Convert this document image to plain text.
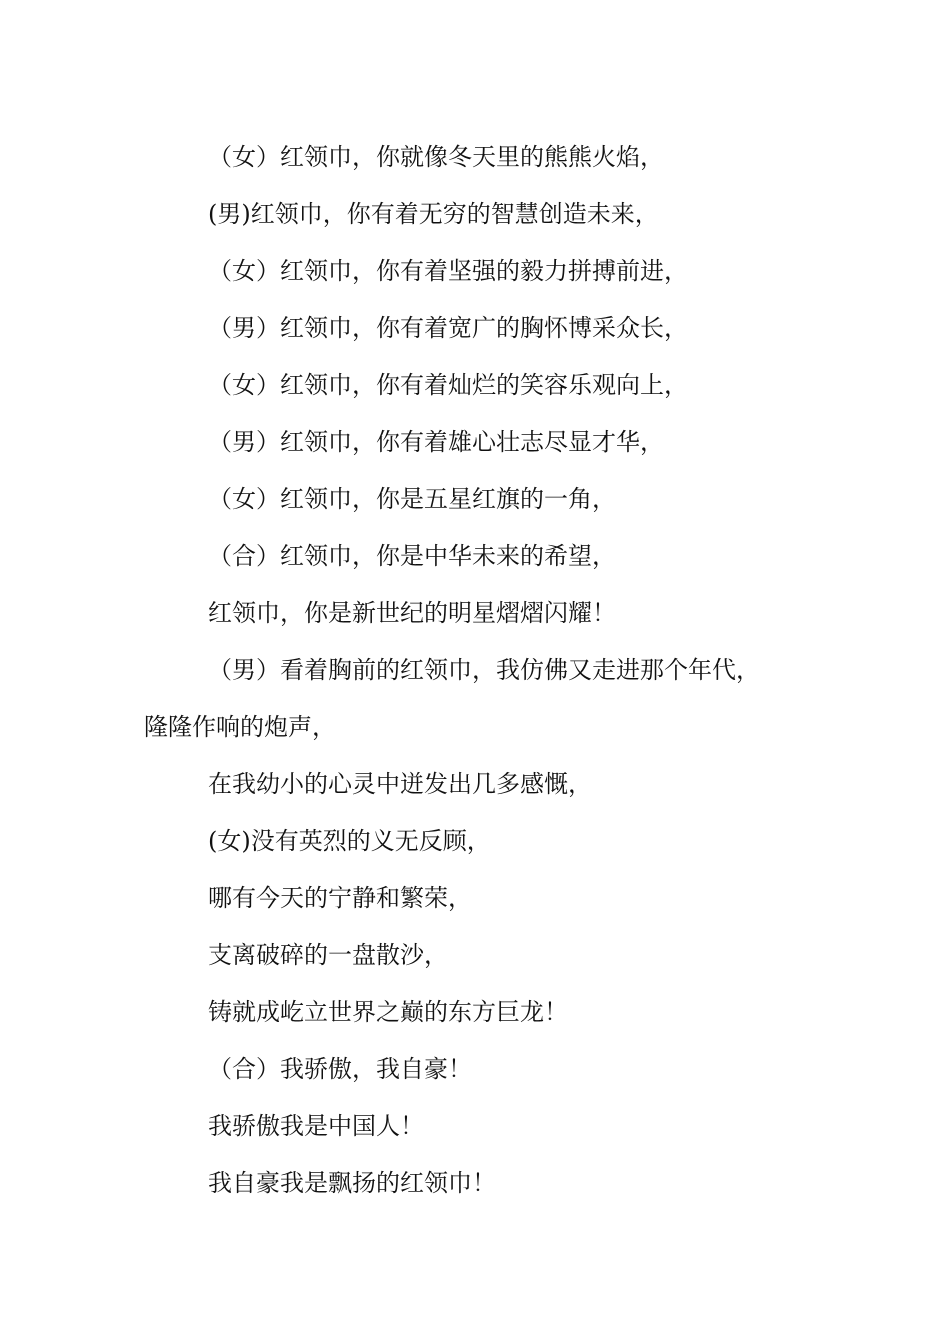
（女）红领巾，你就像冬天里的熊熊火焰，
(男)红领巾，你有着无穷的智慧创造未来，
（女）红领巾，你有着坚强的毅力拼搏前进，
（男）红领巾，你有着宽广的胸怀博采众长，
（女）红领巾，你有着灿烂的笑容乐观向上，
（男）红领巾，你有着雄心壮志尽显才华，
（女）红领巾，你是五星红旗的一角，
（合）红领巾，你是中华未来的希望，
红领巾，你是新世纪的明星熠熠闪耀！
（男）看着胸前的红领巾，我仿佛又走进那个年代，
隆隆作响的炮声，
在我幼小的心灵中迸发出几多感慨，
(女)没有英烈的义无反顾，
哪有今天的宁静和繁荣，
支离破碎的一盘散沙，
铸就成屹立世界之巅的东方巨龙！
（合）我骄傲，我自豪！
我骄傲我是中国人！
我自豪我是飘扬的红领巾！
